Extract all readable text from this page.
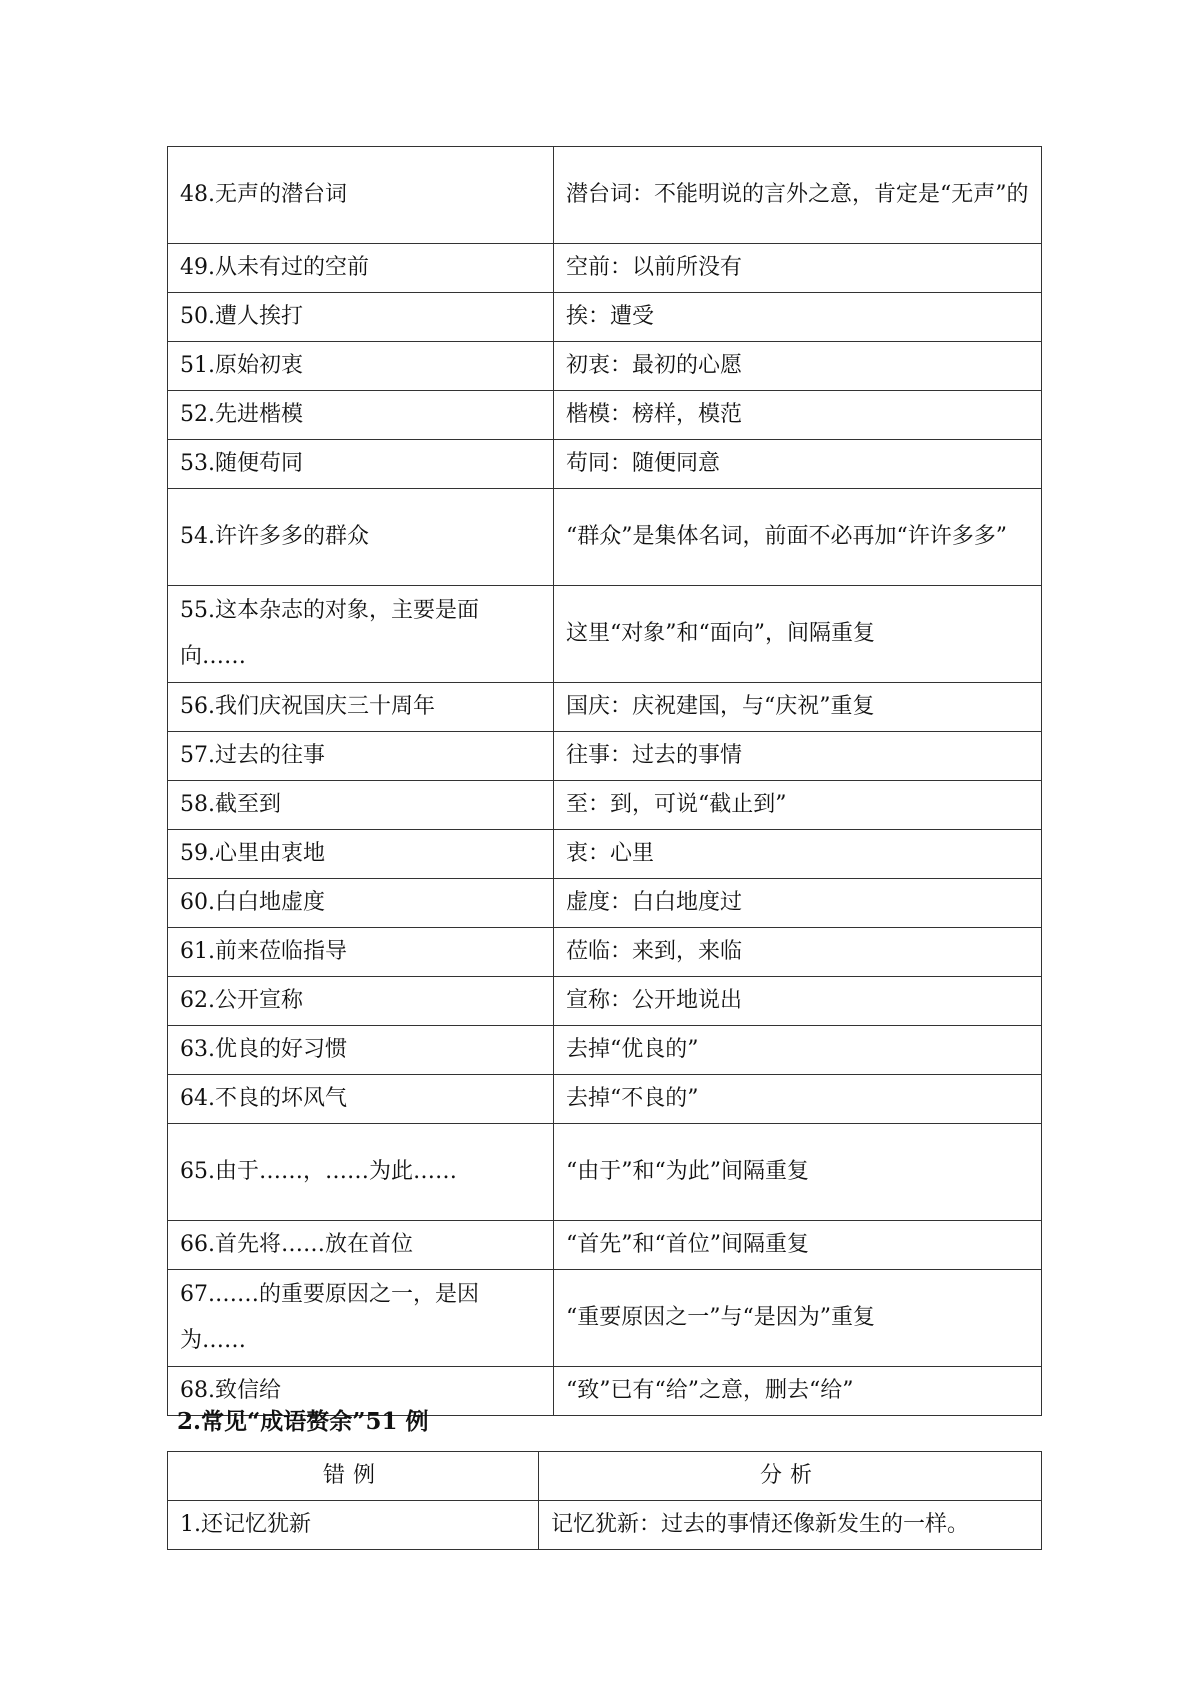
48.无声的潜台词	潜台词：不能明说的言外之意，肯定是“无声”的
49.从未有过的空前	空前：以前所没有
50.遭人挨打	挨：遭受
51.原始初衷	初衷：最初的心愿
52.先进楷模	楷模：榜样，模范
53.随便苟同	苟同：随便同意
54.许许多多的群众	“群众”是集体名词，前面不必再加“许许多多”
55.这本杂志的对象，主要是面向……	这里“对象”和“面向”，间隔重复
56.我们庆祝国庆三十周年	国庆：庆祝建国，与“庆祝”重复
57.过去的往事	往事：过去的事情
58.截至到	至：到，可说“截止到”
59.心里由衷地	衷：心里
60.白白地虚度	虚度：白白地度过
61.前来莅临指导	莅临：来到，来临
62.公开宣称	宣称：公开地说出
63.优良的好习惯	去掉“优良的”
64.不良的坏风气	去掉“不良的”
65.由于……，……为此……	“由于”和“为此”间隔重复
66.首先将……放在首位	“首先”和“首位”间隔重复
67.……的重要原因之一，是因为……	“重要原因之一”与“是因为”重复
68.致信给	“致”已有“给”之意，删去“给”
2.常见“成语赘余”51 例
错例	分析
1.还记忆犹新	记忆犹新：过去的事情还像新发生的一样。
